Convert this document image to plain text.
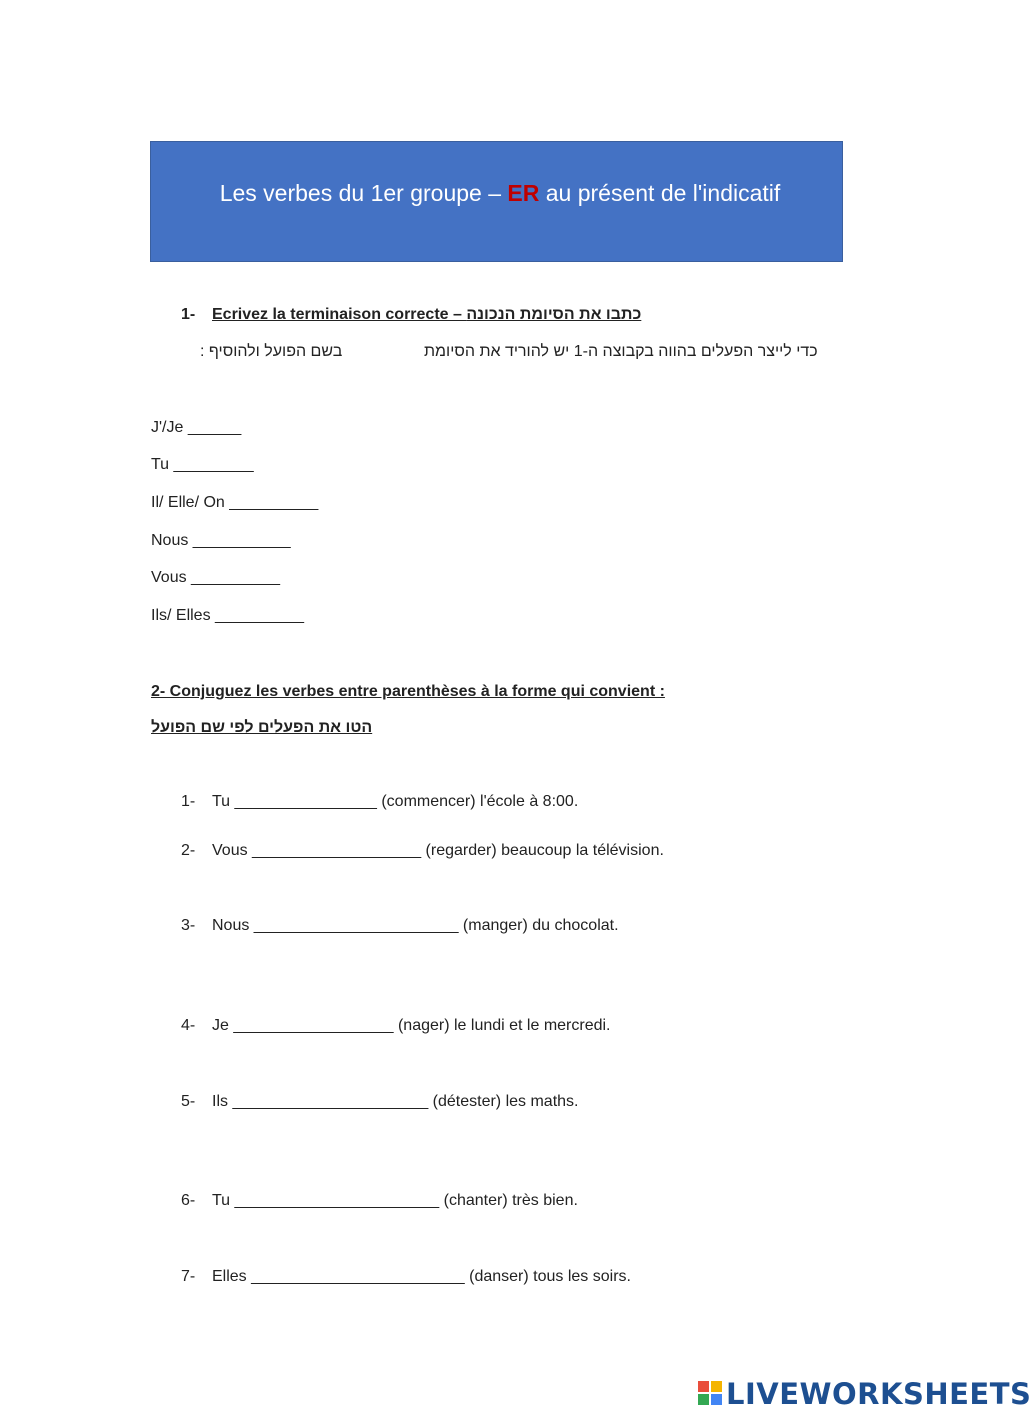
Les verbes du 1er groupe – ER au présent de l'indicatif
1- Ecrivez la terminaison correcte – כתבו את הסיומת הנכונה
כדי לייצר הפעלים בהווה בקבוצה ה-1 יש להוריד את הסיומת
בשם הפועל ולהוסיף :
J'/Je ______
Tu _________
Il/ Elle/ On __________
Nous ___________
Vous __________
Ils/ Elles __________
2- Conjuguez les verbes entre parenthèses à la forme qui convient :
הטו את הפעלים לפי שם הפועל
1- Tu ________________ (commencer) l'école à 8:00.
2- Vous ___________________ (regarder) beaucoup la télévision.
3- Nous _______________________ (manger) du chocolat.
4- Je __________________ (nager) le lundi et le mercredi.
5- Ils ______________________ (détester) les maths.
6- Tu _______________________ (chanter) très bien.
7- Elles ________________________ (danser) tous les soirs.
LIVEWORKSHEETS
